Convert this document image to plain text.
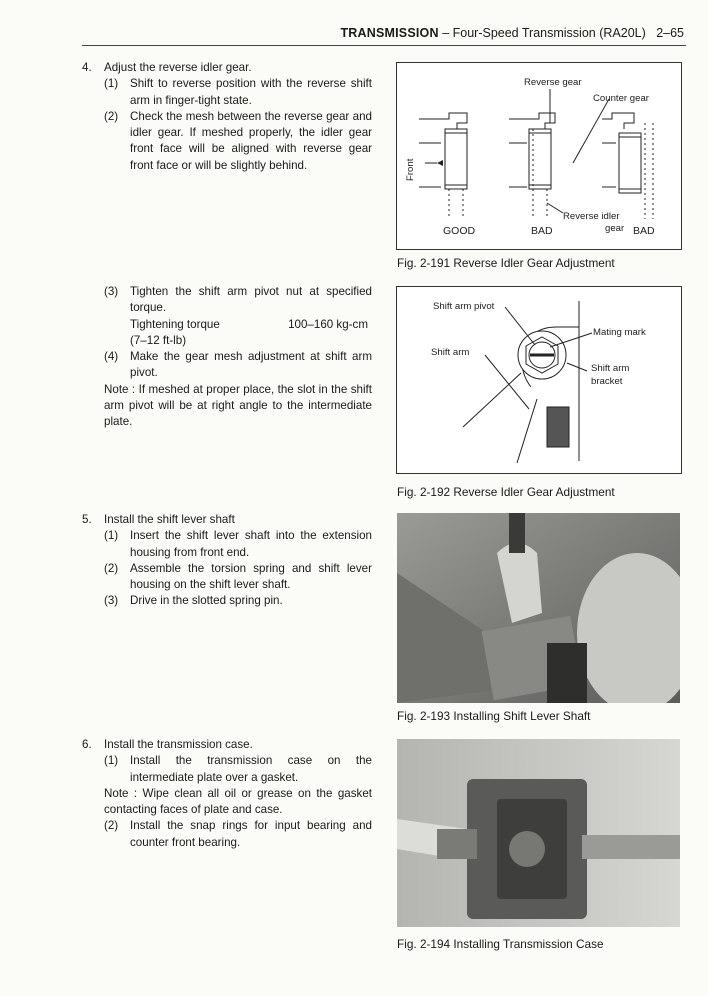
TRANSMISSION – Four-Speed Transmission (RA20L) 2–65
4. Adjust the reverse idler gear.
(1) Shift to reverse position with the reverse shift arm in finger-tight state.
(2) Check the mesh between the reverse gear and idler gear. If meshed properly, the idler gear front face will be aligned with reverse gear front face or will be slightly behind.
(3) Tighten the shift arm pivot nut at specified torque.
Tightening torque	100–160 kg-cm
(7–12 ft-lb)
(4) Make the gear mesh adjustment at shift arm pivot.
Note : If meshed at proper place, the slot in the shift arm pivot will be at right angle to the intermediate plate.
5. Install the shift lever shaft
(1) Insert the shift lever shaft into the extension housing from front end.
(2) Assemble the torsion spring and shift lever housing on the shift lever shaft.
(3) Drive in the slotted spring pin.
6. Install the transmission case.
(1) Install the transmission case on the intermediate plate over a gasket.
Note : Wipe clean all oil or grease on the gasket contacting faces of plate and case.
(2) Install the snap rings for input bearing and counter front bearing.
Reverse gear
Counter gear
Front
Reverse idler
gear
GOOD	BAD	BAD
Fig. 2-191 Reverse Idler Gear Adjustment
Shift arm pivot
Mating mark
Shift arm
Shift arm
bracket
Fig. 2-192 Reverse Idler Gear Adjustment
Fig. 2-193 Installing Shift Lever Shaft
Fig. 2-194 Installing Transmission Case
